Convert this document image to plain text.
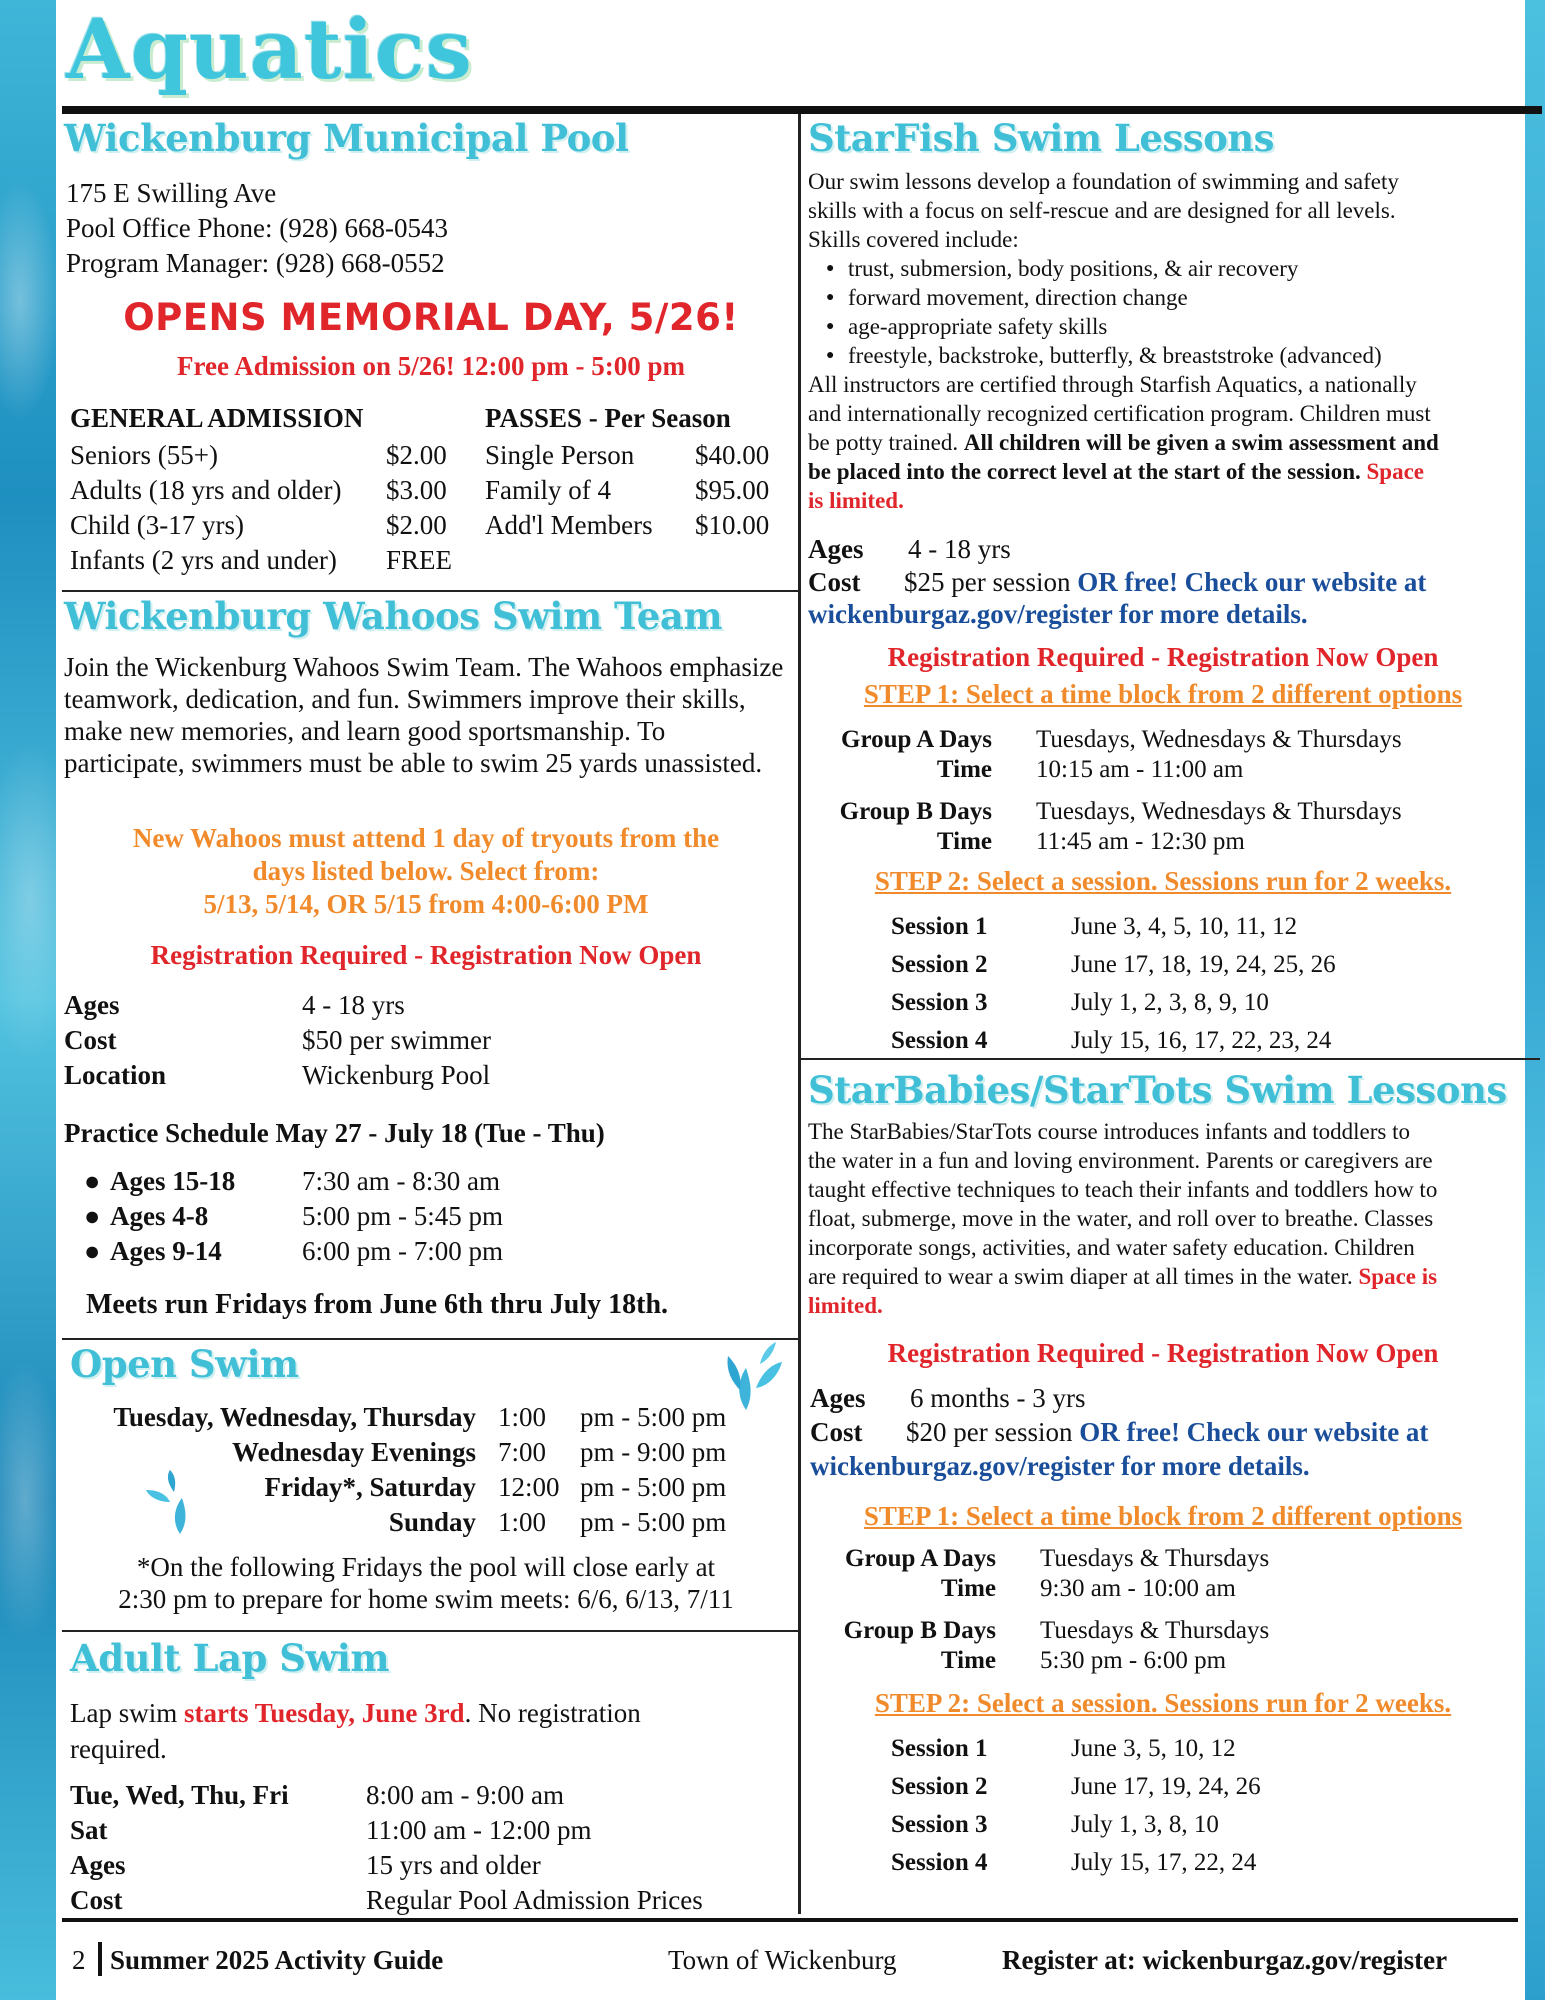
Aquatics
Wickenburg Municipal Pool
175 E Swilling Ave
Pool Office Phone: (928) 668-0543
Program Manager: (928) 668-0552
OPENS MEMORIAL DAY, 5/26!
Free Admission on 5/26! 12:00 pm - 5:00 pm
GENERAL ADMISSION
Seniors (55+)	$2.00
Adults (18 yrs and older)	$3.00
Child (3-17 yrs)	$2.00
Infants (2 yrs and under)	FREE
PASSES - Per Season
Single Person	$40.00
Family of 4	$95.00
Add'l Members	$10.00
Wickenburg Wahoos Swim Team
Join the Wickenburg Wahoos Swim Team. The Wahoos emphasize teamwork, dedication, and fun. Swimmers improve their skills, make new memories, and learn good sportsmanship. To participate, swimmers must be able to swim 25 yards unassisted.
New Wahoos must attend 1 day of tryouts from the
days listed below. Select from:
5/13, 5/14, OR 5/15 from 4:00-6:00 PM
Registration Required - Registration Now Open
Ages	4 - 18 yrs
Cost	$50 per swimmer
Location	Wickenburg Pool
Practice Schedule May 27 - July 18 (Tue - Thu)
● Ages 15-18	7:30 am - 8:30 am
● Ages 4-8	5:00 pm - 5:45 pm
● Ages 9-14	6:00 pm - 7:00 pm
Meets run Fridays from June 6th thru July 18th.
Open Swim
Tuesday, Wednesday, Thursday	1:00	pm - 5:00 pm
Wednesday Evenings	7:00	pm - 9:00 pm
Friday*, Saturday	12:00	pm - 5:00 pm
Sunday	1:00	pm - 5:00 pm
*On the following Fridays the pool will close early at
2:30 pm to prepare for home swim meets: 6/6, 6/13, 7/11
Adult Lap Swim
Lap swim starts Tuesday, June 3rd. No registration
required.
Tue, Wed, Thu, Fri	8:00 am - 9:00 am
Sat	11:00 am - 12:00 pm
Ages	15 yrs and older
Cost	Regular Pool Admission Prices
StarFish Swim Lessons
Our swim lessons develop a foundation of swimming and safety
skills with a focus on self-rescue and are designed for all levels.
Skills covered include:
● trust, submersion, body positions, & air recovery
● forward movement, direction change
● age-appropriate safety skills
● freestyle, backstroke, butterfly, & breaststroke (advanced)
All instructors are certified through Starfish Aquatics, a nationally
and internationally recognized certification program. Children must
be potty trained. All children will be given a swim assessment and
be placed into the correct level at the start of the session. Space
is limited.
Ages 4 - 18 yrs
Cost $25 per session OR free! Check our website at
wickenburgaz.gov/register for more details.
Registration Required - Registration Now Open
STEP 1: Select a time block from 2 different options
Group A Days	Tuesdays, Wednesdays & Thursdays
Time	10:15 am - 11:00 am
Group B Days	Tuesdays, Wednesdays & Thursdays
Time	11:45 am - 12:30 pm
STEP 2: Select a session. Sessions run for 2 weeks.
Session 1	June 3, 4, 5, 10, 11, 12
Session 2	June 17, 18, 19, 24, 25, 26
Session 3	July 1, 2, 3, 8, 9, 10
Session 4	July 15, 16, 17, 22, 23, 24
StarBabies/StarTots Swim Lessons
The StarBabies/StarTots course introduces infants and toddlers to
the water in a fun and loving environment. Parents or caregivers are
taught effective techniques to teach their infants and toddlers how to
float, submerge, move in the water, and roll over to breathe. Classes
incorporate songs, activities, and water safety education. Children
are required to wear a swim diaper at all times in the water. Space is
limited.
Registration Required - Registration Now Open
Ages 6 months - 3 yrs
Cost $20 per session OR free! Check our website at
wickenburgaz.gov/register for more details.
STEP 1: Select a time block from 2 different options
Group A Days	Tuesdays & Thursdays
Time	9:30 am - 10:00 am
Group B Days	Tuesdays & Thursdays
Time	5:30 pm - 6:00 pm
STEP 2: Select a session. Sessions run for 2 weeks.
Session 1	June 3, 5, 10, 12
Session 2	June 17, 19, 24, 26
Session 3	July 1, 3, 8, 10
Session 4	July 15, 17, 22, 24
2 Summer 2025 Activity Guide	Town of Wickenburg	Register at: wickenburgaz.gov/register
